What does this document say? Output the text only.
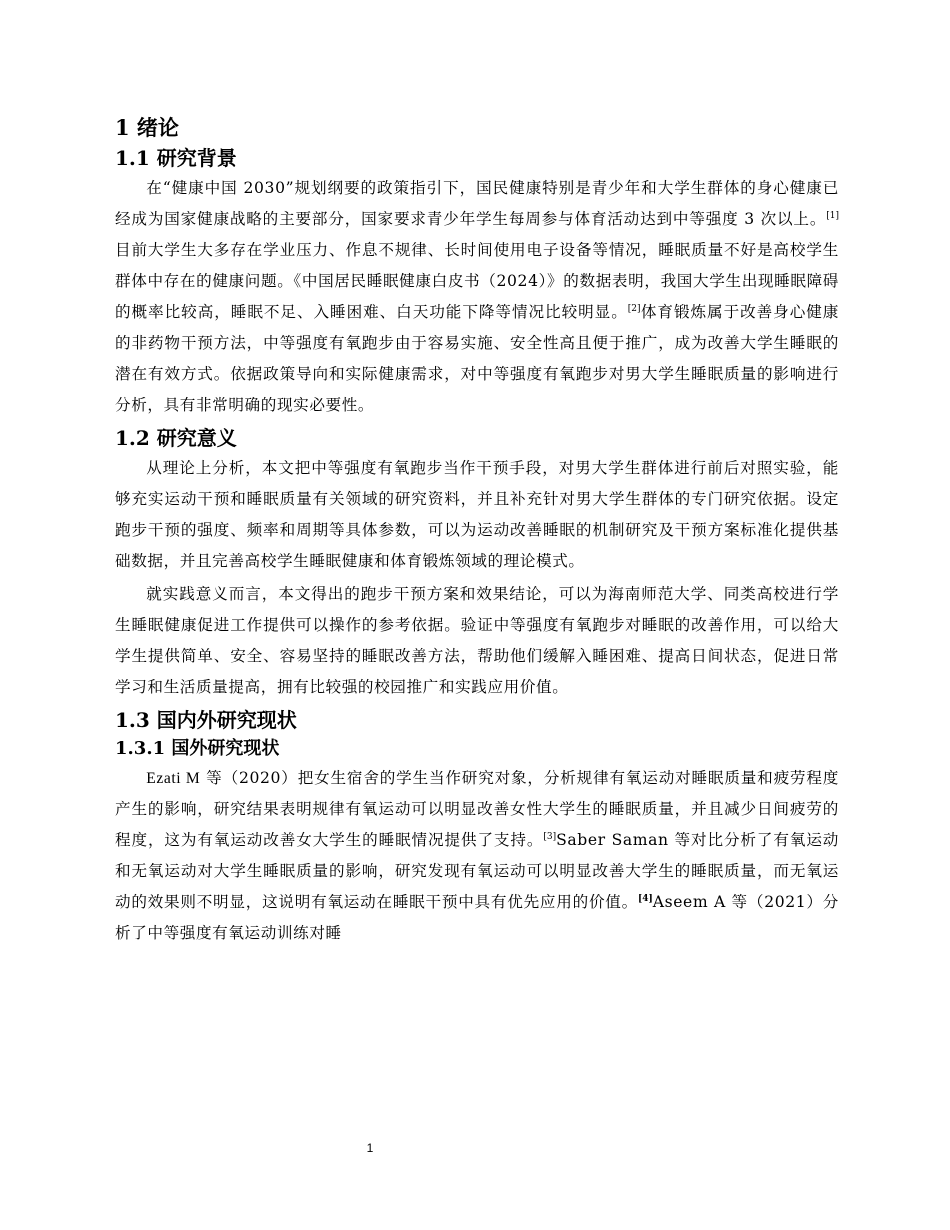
1 绪论
1.1 研究背景

在“健康中国 2030”规划纲要的政策指引下，国民健康特别是青少年和大学生群体的身心健康已经成为国家健康战略的主要部分，国家要求青少年学生每周参与体育活动达到中等强度 3 次以上。[1]目前大学生大多存在学业压力、作息不规律、长时间使用电子设备等情况，睡眠质量不好是高校学生群体中存在的健康问题。《中国居民睡眠健康白皮书（2024）》的数据表明，我国大学生出现睡眠障碍的概率比较高，睡眠不足、入睡困难、白天功能下降等情况比较明显。[2]体育锻炼属于改善身心健康的非药物干预方法，中等强度有氧跑步由于容易实施、安全性高且便于推广，成为改善大学生睡眠的潜在有效方式。依据政策导向和实际健康需求，对中等强度有氧跑步对男大学生睡眠质量的影响进行分析，具有非常明确的现实必要性。

1.2 研究意义

从理论上分析，本文把中等强度有氧跑步当作干预手段，对男大学生群体进行前后对照实验，能够充实运动干预和睡眠质量有关领域的研究资料，并且补充针对男大学生群体的专门研究依据。设定跑步干预的强度、频率和周期等具体参数，可以为运动改善睡眠的机制研究及干预方案标准化提供基础数据，并且完善高校学生睡眠健康和体育锻炼领域的理论模式。

就实践意义而言，本文得出的跑步干预方案和效果结论，可以为海南师范大学、同类高校进行学生睡眠健康促进工作提供可以操作的参考依据。验证中等强度有氧跑步对睡眠的改善作用，可以给大学生提供简单、安全、容易坚持的睡眠改善方法，帮助他们缓解入睡困难、提高日间状态，促进日常学习和生活质量提高，拥有比较强的校园推广和实践应用价值。

1.3 国内外研究现状
1.3.1 国外研究现状

Ezati M 等（2020）把女生宿舍的学生当作研究对象，分析规律有氧运动对睡眠质量和疲劳程度产生的影响，研究结果表明规律有氧运动可以明显改善女性大学生的睡眠质量，并且减少日间疲劳的程度，这为有氧运动改善女大学生的睡眠情况提供了支持。[3]Saber Saman 等对比分析了有氧运动和无氧运动对大学生睡眠质量的影响，研究发现有氧运动可以明显改善大学生的睡眠质量，而无氧运动的效果则不明显，这说明有氧运动在睡眠干预中具有优先应用的价值。[4]Aseem A 等（2021）分析了中等强度有氧运动训练对睡

1
